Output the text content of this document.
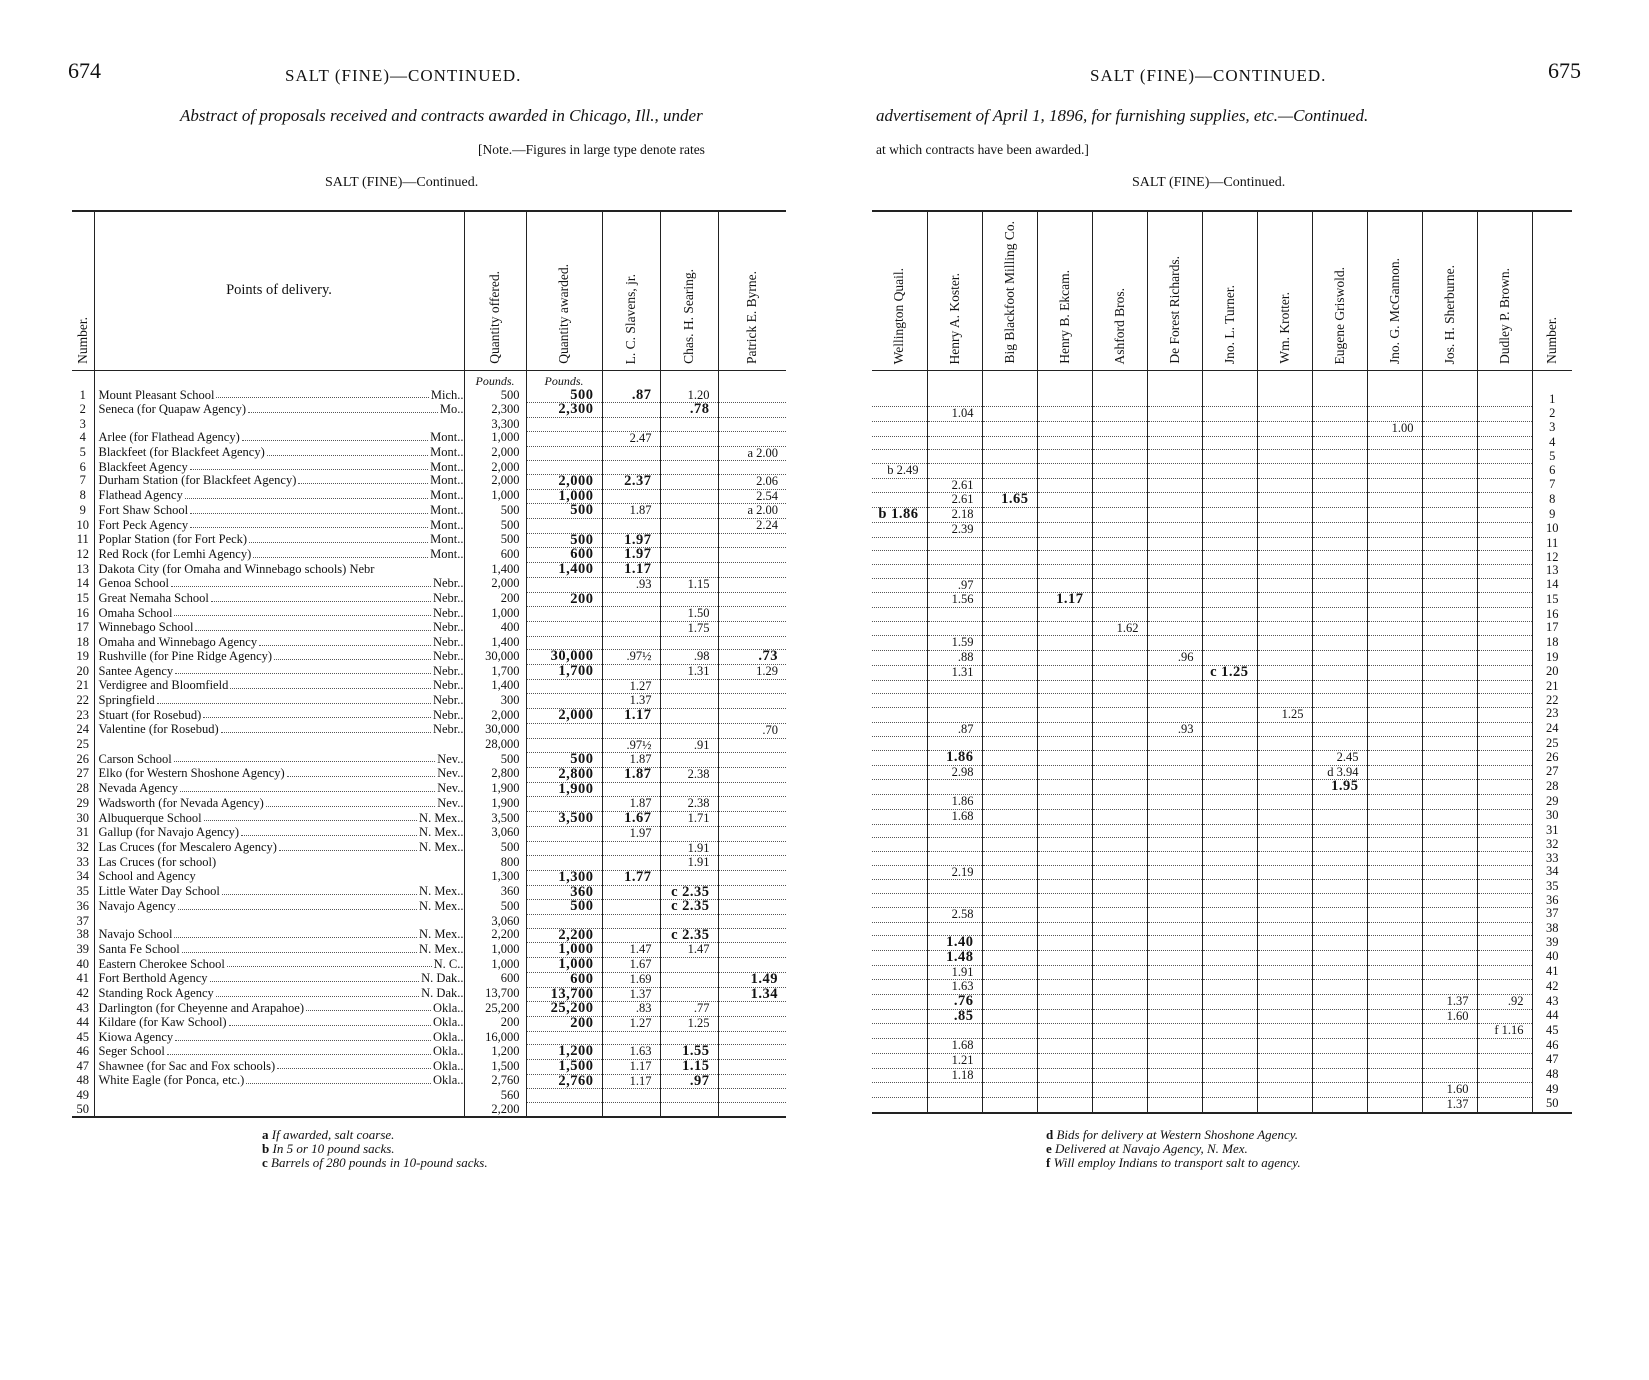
674	SALT (FINE)—CONTINUED.
Abstract of proposals received and contracts awarded in Chicago, Ill., under
[Note.—Figures in large type denote rates
SALT (FINE)—Continued.
Number.	Points of delivery.	Quantity offered.	Quantity awarded.	L. C. Slavens, jr.	Chas. H. Searing.	Patrick E. Byrne.

		Pounds.	Pounds.			
1	Mount Pleasant School Mich..	500	500	.87	1.20	
2	Seneca (for Quapaw Agency) Mo..	2,300	2,300		.78	
3		3,300				
4	Arlee (for Flathead Agency) Mont..	1,000		2.47		
5	Blackfeet (for Blackfeet Agency) Mont..	2,000				a 2.00
6	Blackfeet Agency Mont..	2,000				
7	Durham Station (for Blackfeet Agency) Mont..	2,000	2,000	2.37		2.06
8	Flathead Agency Mont..	1,000	1,000			2.54
9	Fort Shaw School Mont..	500	500	1.87		a 2.00
10	Fort Peck Agency Mont..	500				2.24
11	Poplar Station (for Fort Peck) Mont..	500	500	1.97		
12	Red Rock (for Lemhi Agency) Mont..	600	600	1.97		
13	Dakota City (for Omaha and Winnebago schools) Nebr	1,400	1,400	1.17		
14	Genoa School Nebr..	2,000		.93	1.15	
15	Great Nemaha School Nebr..	200	200			
16	Omaha School Nebr..	1,000			1.50	
17	Winnebago School Nebr..	400			1.75	
18	Omaha and Winnebago Agency Nebr..	1,400				
19	Rushville (for Pine Ridge Agency) Nebr..	30,000	30,000	.97½	.98	.73
20	Santee Agency Nebr..	1,700	1,700		1.31	1.29
21	Verdigree and Bloomfield Nebr..	1,400		1.27		
22	Springfield Nebr..	300		1.37		
23	Stuart (for Rosebud) Nebr..	2,000	2,000	1.17		
24	Valentine (for Rosebud) Nebr..	30,000				.70
25		28,000		.97½	.91	
26	Carson School Nev..	500	500	1.87		
27	Elko (for Western Shoshone Agency) Nev..	2,800	2,800	1.87	2.38	
28	Nevada Agency Nev..	1,900	1,900			
29	Wadsworth (for Nevada Agency) Nev..	1,900		1.87	2.38	
30	Albuquerque School N. Mex..	3,500	3,500	1.67	1.71	
31	Gallup (for Navajo Agency) N. Mex..	3,060		1.97		
32	Las Cruces (for Mescalero Agency) N. Mex..	500			1.91	
33	Las Cruces (for school)	800			1.91	
34	School and Agency	1,300	1,300	1.77		
35	Little Water Day School N. Mex..	360	360		c 2.35	
36	Navajo Agency N. Mex..	500	500		c 2.35	
37		3,060				
38	Navajo School N. Mex..	2,200	2,200		c 2.35	
39	Santa Fe School N. Mex..	1,000	1,000	1.47	1.47	
40	Eastern Cherokee School N. C..	1,000	1,000	1.67		
41	Fort Berthold Agency N. Dak..	600	600	1.69		1.49
42	Standing Rock Agency N. Dak..	13,700	13,700	1.37		1.34
43	Darlington (for Cheyenne and Arapahoe) Okla..	25,200	25,200	.83	.77	
44	Kildare (for Kaw School) Okla..	200	200	1.27	1.25	
45	Kiowa Agency Okla..	16,000				
46	Seger School Okla..	1,200	1,200	1.63	1.55	
47	Shawnee (for Sac and Fox schools) Okla..	1,500	1,500	1.17	1.15	
48	White Eagle (for Ponca, etc.) Okla..	2,760	2,760	1.17	.97	
49		560				
50		2,200				
a If awarded, salt coarse.
b In 5 or 10 pound sacks.
c Barrels of 280 pounds in 10-pound sacks.
675
SALT (FINE)—CONTINUED.
advertisement of April 1, 1896, for furnishing supplies, etc.—Continued.
at which contracts have been awarded.]
SALT (FINE)—Continued.
Wellington Quail.	Henry A. Koster.	Big Blackfoot Milling Co.	Henry B. Ekcam.	Ashford Bros.	De Forest Richards.	Jno. L. Turner.	Wm. Krotter.	Eugene Griswold.	Jno. G. McGannon.	Jos. H. Sherburne.	Dudley P. Brown.	Number.

												1
	1.04											2
									1.00			3
												4
												5
b 2.49												6
	2.61											7
	2.61	1.65										8
b 1.86	2.18											9
	2.39											10
												11
												12
												13
	.97											14
	1.56		1.17									15
												16
				1.62								17
	1.59											18
	.88				.96							19
	1.31					c 1.25						20
												21
												22
							1.25					23
	.87				.93							24
												25
	1.86							2.45				26
	2.98							d 3.94				27
								1.95				28
	1.86											29
	1.68											30
												31
												32
												33
	2.19											34
												35
												36
	2.58											37
												38
	1.40											39
	1.48											40
	1.91											41
	1.63											42
	.76									1.37	.92	43
	.85									1.60		44
											f 1.16	45
	1.68											46
	1.21											47
	1.18											48
										1.60		49
										1.37		50
d Bids for delivery at Western Shoshone Agency.
e Delivered at Navajo Agency, N. Mex.
f Will employ Indians to transport salt to agency.
